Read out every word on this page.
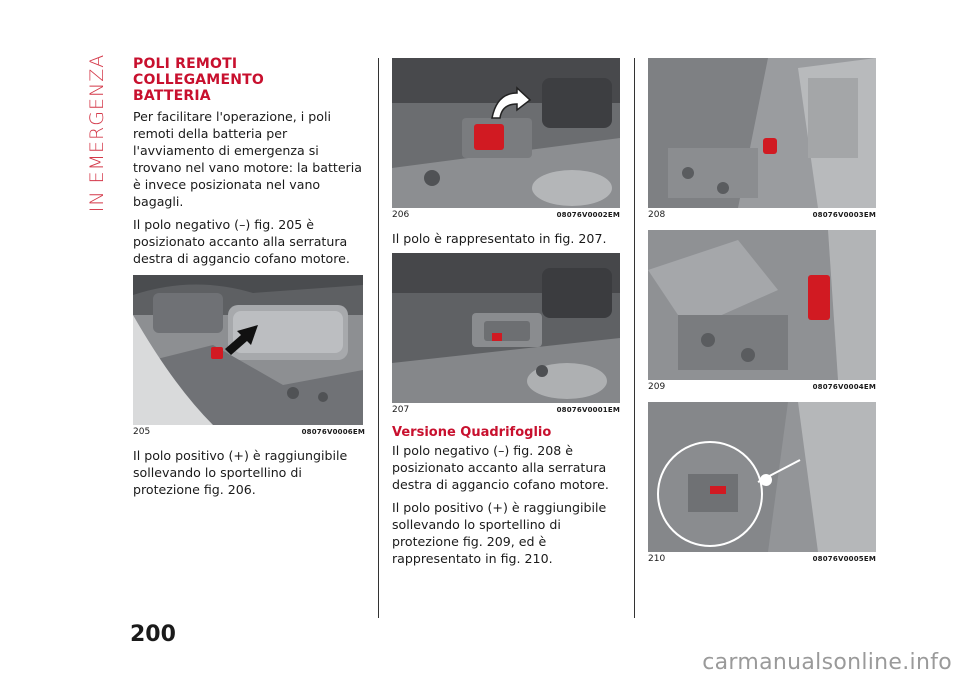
IN EMERGENZA POLI REMOTI COLLEGAMENTO
BATTERIA

Per facilitare l'operazione, i poli remoti della batteria per l'avviamento di emergenza si trovano nel vano motore: la batteria è invece posizionata nel vano bagagli.

Il polo negativo (–) fig. 205 è posizionato accanto alla serratura destra di aggancio cofano motore.

205	08076V0006EM

Il polo positivo (+) è raggiungibile sollevando lo sportellino di protezione fig. 206.

206	08076V0002EM

Il polo è rappresentato in fig. 207.

207	08076V0001EM
Versione Quadrifoglio

Il polo negativo (–) fig. 208 è posizionato accanto alla serratura destra di aggancio cofano motore.

Il polo positivo (+) è raggiungibile sollevando lo sportellino di protezione fig. 209, ed è rappresentato in fig. 210.

208	08076V0003EM
209	08076V0004EM
210	08076V0005EM
200
carmanualsonline.info
